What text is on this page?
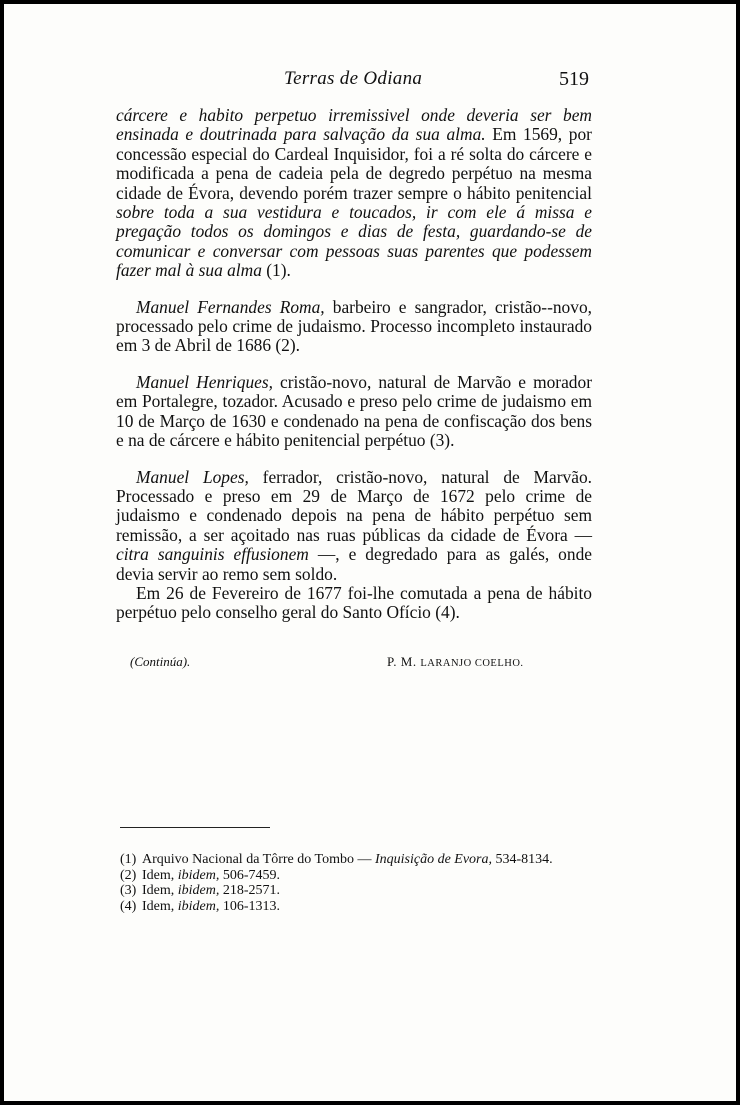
Terras de Odiana	519

cárcere e habito perpetuo irremissivel onde deveria ser bem ensinada e doutrinada para salvação da sua alma. Em 1569, por concessão especial do Cardeal Inquisidor, foi a ré solta do cárcere e modificada a pena de cadeia pela de degredo perpétuo na mesma cidade de Évora, devendo porém trazer sempre o hábito penitencial sobre toda a sua vestidura e toucados, ir com ele á missa e pregação todos os domingos e dias de festa, guardando-se de comunicar e conversar com pessoas suas parentes que podessem fazer mal à sua alma (1).

Manuel Fernandes Roma, barbeiro e sangrador, cristão--novo, processado pelo crime de judaismo. Processo incompleto instaurado em 3 de Abril de 1686 (2).

Manuel Henriques, cristão-novo, natural de Marvão e morador em Portalegre, tozador. Acusado e preso pelo crime de judaismo em 10 de Março de 1630 e condenado na pena de confiscação dos bens e na de cárcere e hábito penitencial perpétuo (3).

Manuel Lopes, ferrador, cristão-novo, natural de Marvão. Processado e preso em 29 de Março de 1672 pelo crime de judaismo e condenado depois na pena de hábito perpétuo sem remissão, a ser açoitado nas ruas públicas da cidade de Évora — citra sanguinis effusionem —, e degredado para as galés, onde devia servir ao remo sem soldo.

Em 26 de Fevereiro de 1677 foi-lhe comutada a pena de hábito perpétuo pelo conselho geral do Santo Ofício (4).

(Continúa).	P. M. LARANJO COELHO.

(1) Arquivo Nacional da Tôrre do Tombo — Inquisição de Evora, 534-8134.

(2) Idem, ibidem, 506-7459.

(3) Idem, ibidem, 218-2571.

(4) Idem, ibidem, 106-1313.
